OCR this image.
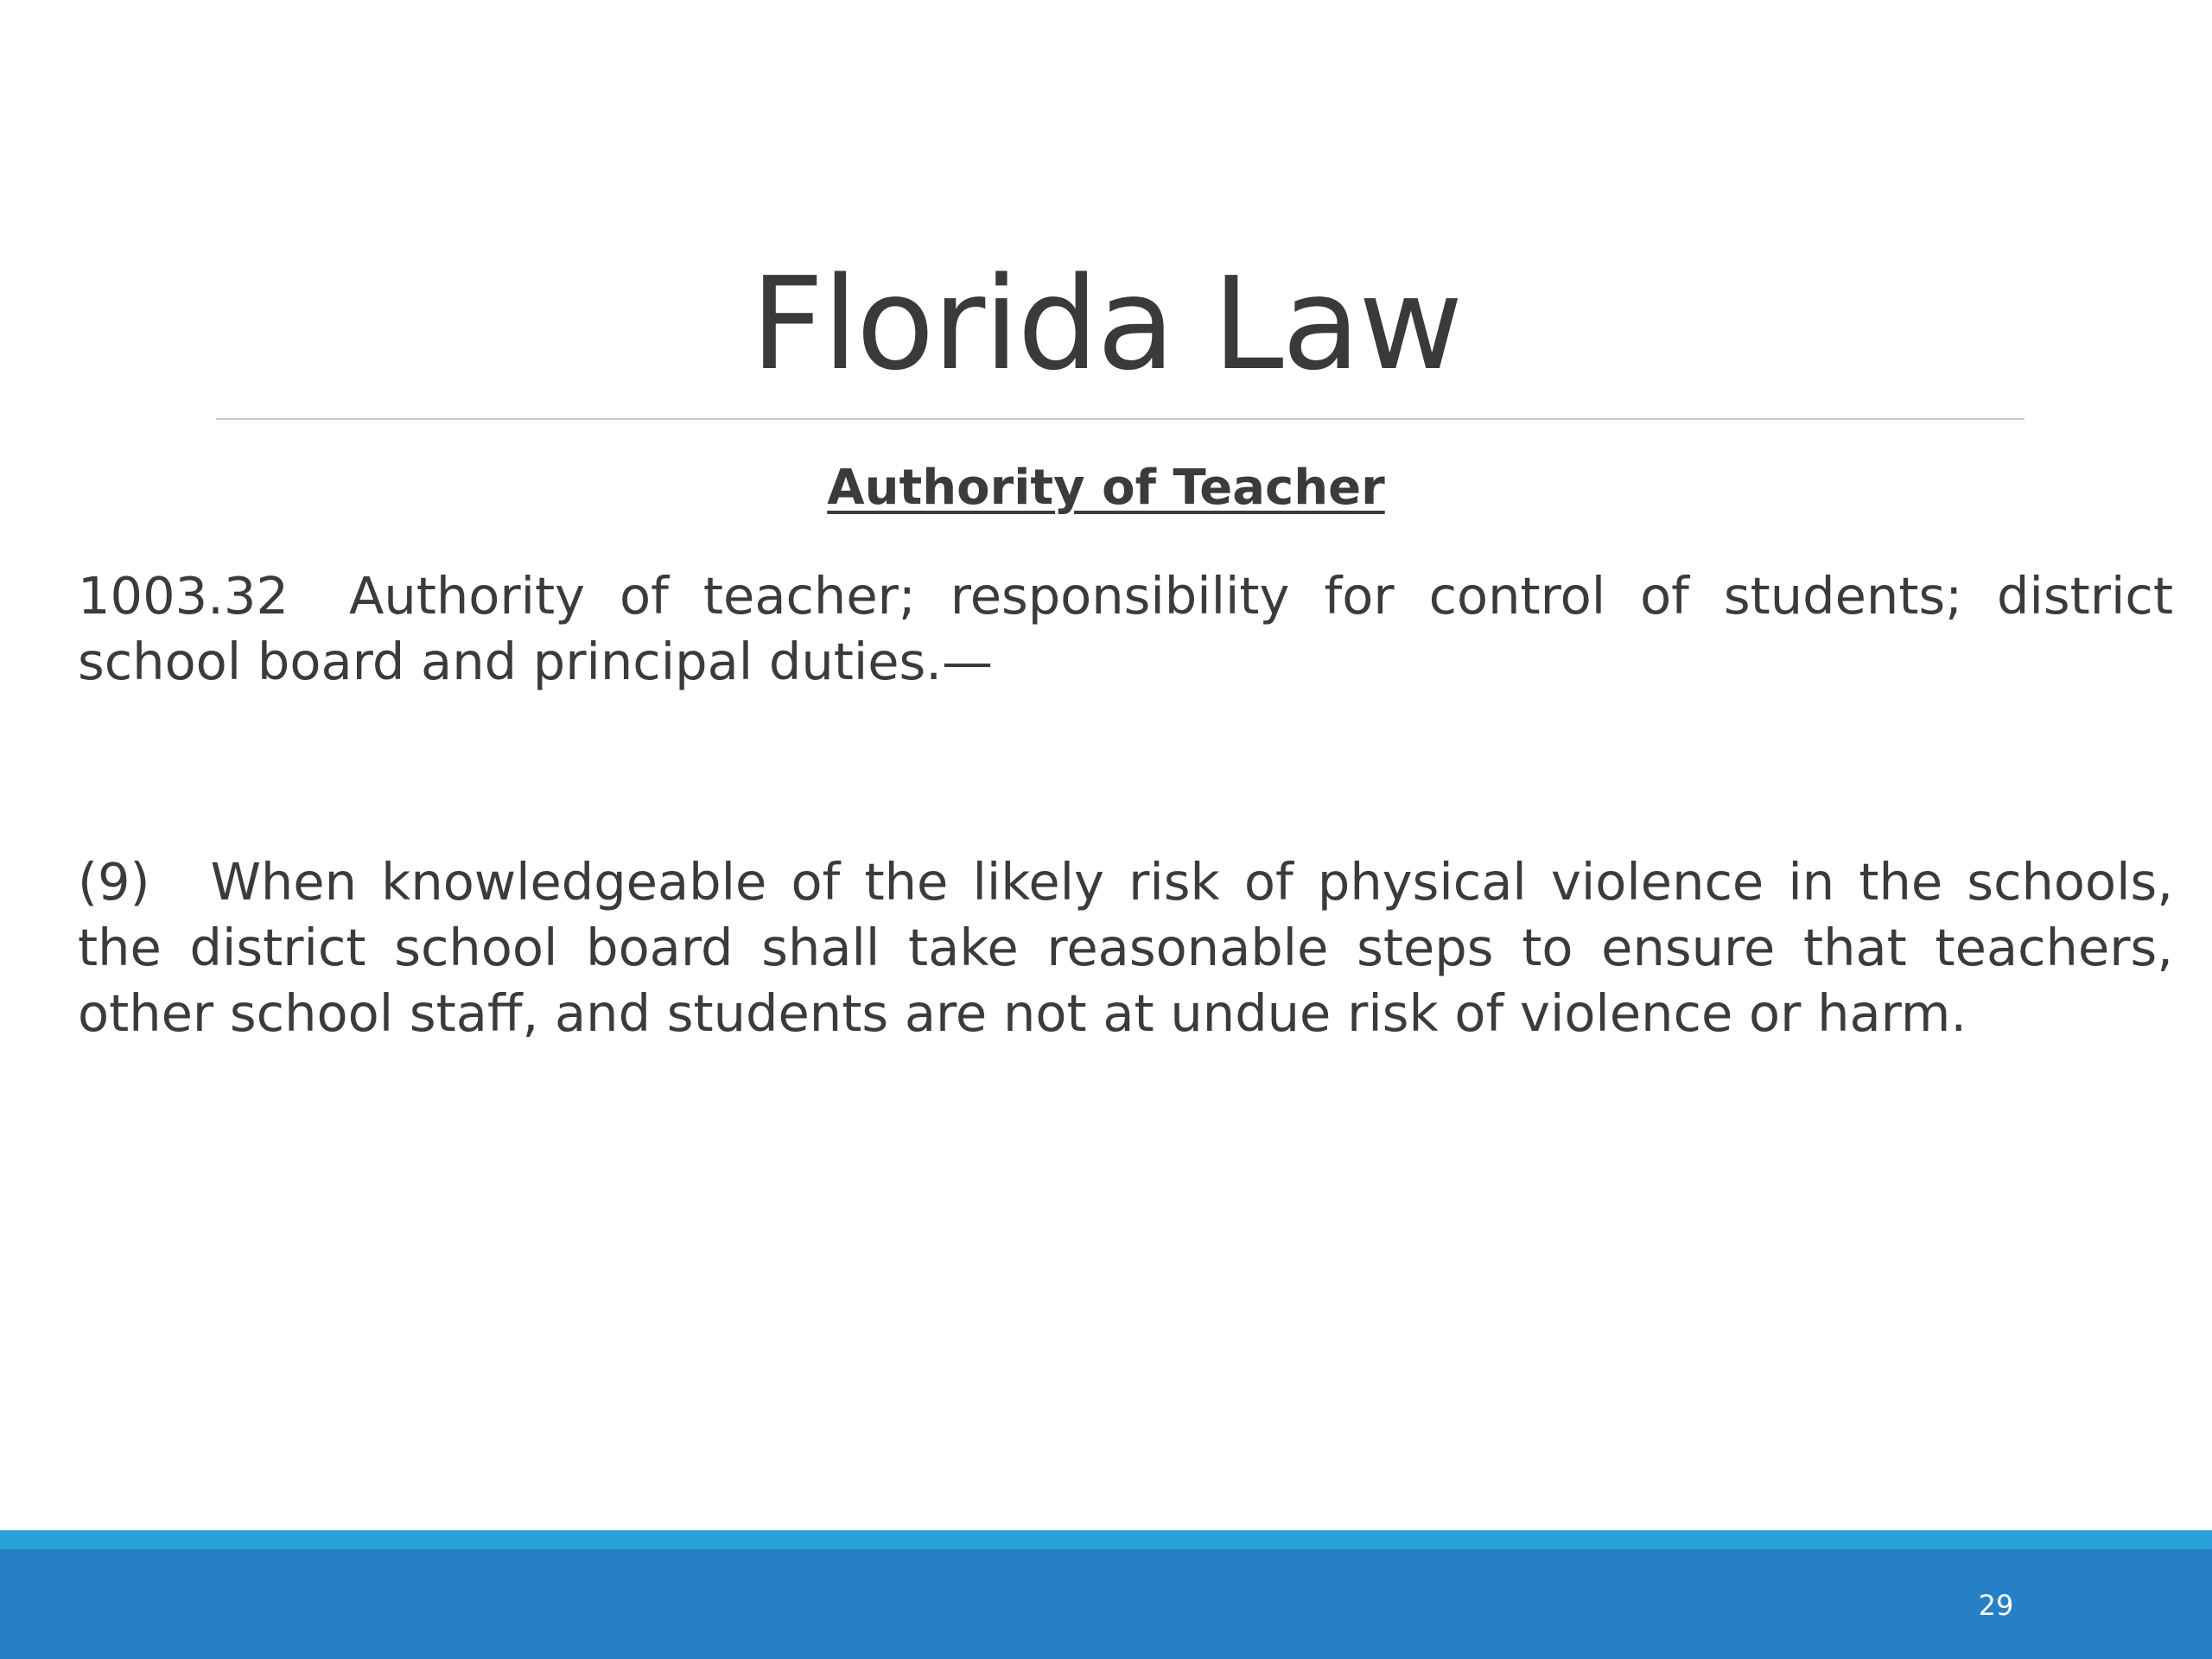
Florida Law
Authority of Teacher

1003.32 Authority of teacher; responsibility for control of students; district school board and principal duties.—

(9) When knowledgeable of the likely risk of physical violence in the schools, the district school board shall take reasonable steps to ensure that teachers, other school staff, and students are not at undue risk of violence or harm.

29
